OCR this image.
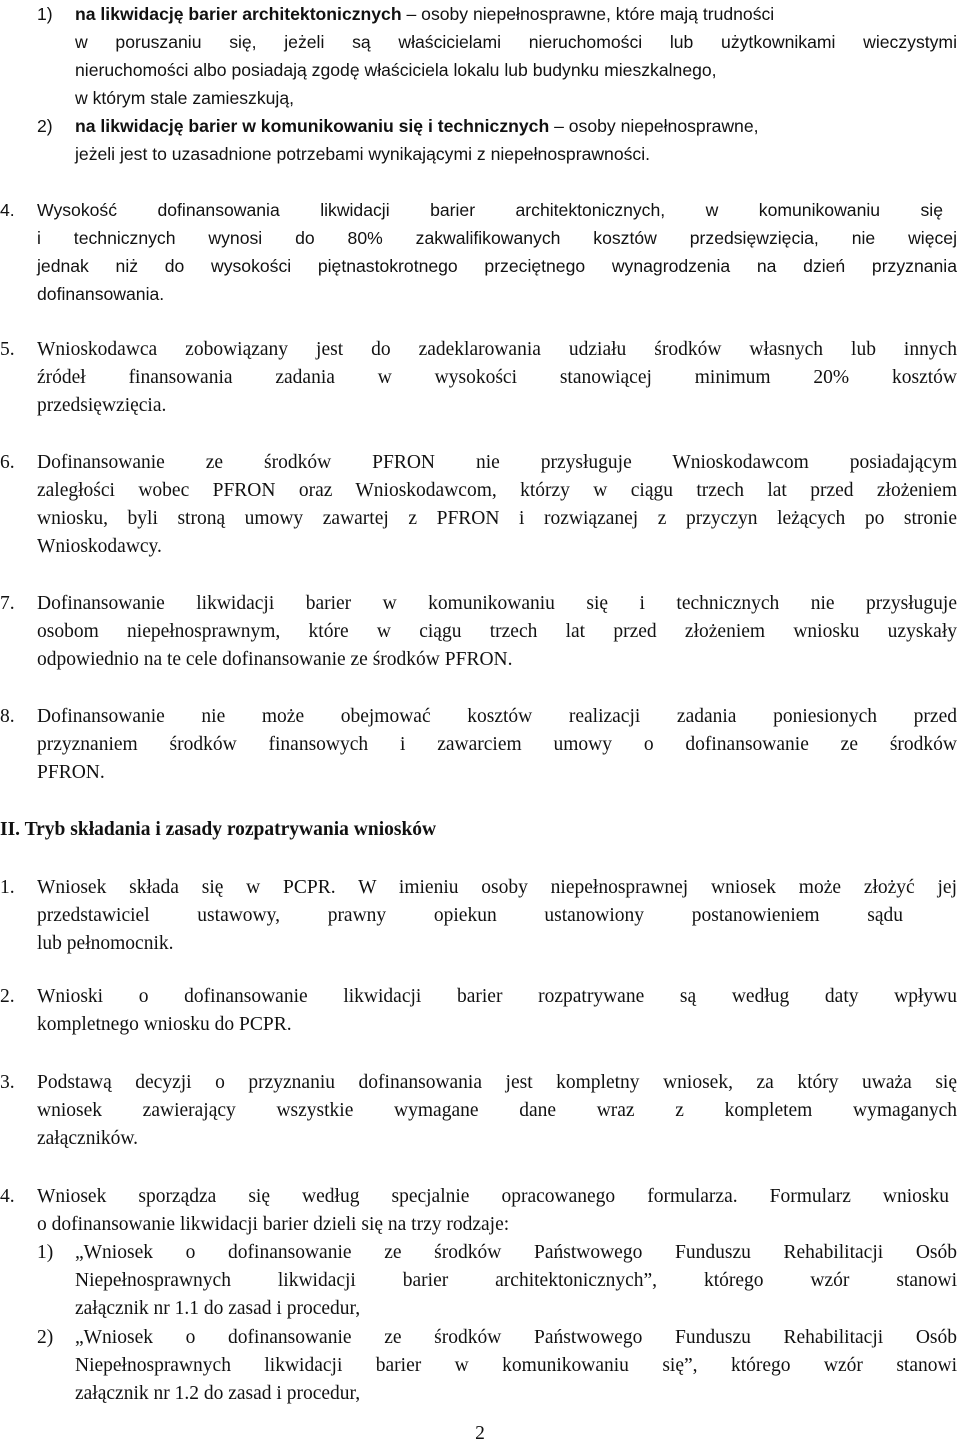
1) na likwidację barier architektonicznych – osoby niepełnosprawne, które mają trudności
w poruszaniu się, jeżeli są właścicielami nieruchomości lub użytkownikami wieczystymi
nieruchomości albo posiadają zgodę właściciela lokalu lub budynku mieszkalnego,
w którym stale zamieszkują,
2) na likwidację barier w komunikowaniu się i technicznych – osoby niepełnosprawne,
jeżeli jest to uzasadnione potrzebami wynikającymi z niepełnosprawności.
4. Wysokość dofinansowania likwidacji barier architektonicznych, w komunikowaniu się
i technicznych wynosi do 80% zakwalifikowanych kosztów przedsięwzięcia, nie więcej
jednak niż do wysokości piętnastokrotnego przeciętnego wynagrodzenia na dzień przyznania
dofinansowania.
5. Wnioskodawca zobowiązany jest do zadeklarowania udziału środków własnych lub innych
źródeł finansowania zadania w wysokości stanowiącej minimum 20% kosztów
przedsięwzięcia.
6. Dofinansowanie ze środków PFRON nie przysługuje Wnioskodawcom posiadającym
zaległości wobec PFRON oraz Wnioskodawcom, którzy w ciągu trzech lat przed złożeniem
wniosku, byli stroną umowy zawartej z PFRON i rozwiązanej z przyczyn leżących po stronie
Wnioskodawcy.
7. Dofinansowanie likwidacji barier w komunikowaniu się i technicznych nie przysługuje
osobom niepełnosprawnym, które w ciągu trzech lat przed złożeniem wniosku uzyskały
odpowiednio na te cele dofinansowanie ze środków PFRON.
8. Dofinansowanie nie może obejmować kosztów realizacji zadania poniesionych przed
przyznaniem środków finansowych i zawarciem umowy o dofinansowanie ze środków
PFRON.
II. Tryb składania i zasady rozpatrywania wniosków
1. Wniosek składa się w PCPR. W imieniu osoby niepełnosprawnej wniosek może złożyć jej
przedstawiciel ustawowy, prawny opiekun ustanowiony postanowieniem sądu
lub pełnomocnik.
2. Wnioski o dofinansowanie likwidacji barier rozpatrywane są według daty wpływu
kompletnego wniosku do PCPR.
3. Podstawą decyzji o przyznaniu dofinansowania jest kompletny wniosek, za który uważa się
wniosek zawierający wszystkie wymagane dane wraz z kompletem wymaganych
załączników.
4. Wniosek sporządza się według specjalnie opracowanego formularza. Formularz wniosku
o dofinansowanie likwidacji barier dzieli się na trzy rodzaje:
1) „Wniosek o dofinansowanie ze środków Państwowego Funduszu Rehabilitacji Osób
Niepełnosprawnych likwidacji barier architektonicznych”, którego wzór stanowi
załącznik nr 1.1 do zasad i procedur,
2) „Wniosek o dofinansowanie ze środków Państwowego Funduszu Rehabilitacji Osób
Niepełnosprawnych likwidacji barier w komunikowaniu się”, którego wzór stanowi
załącznik nr 1.2 do zasad i procedur,
2
